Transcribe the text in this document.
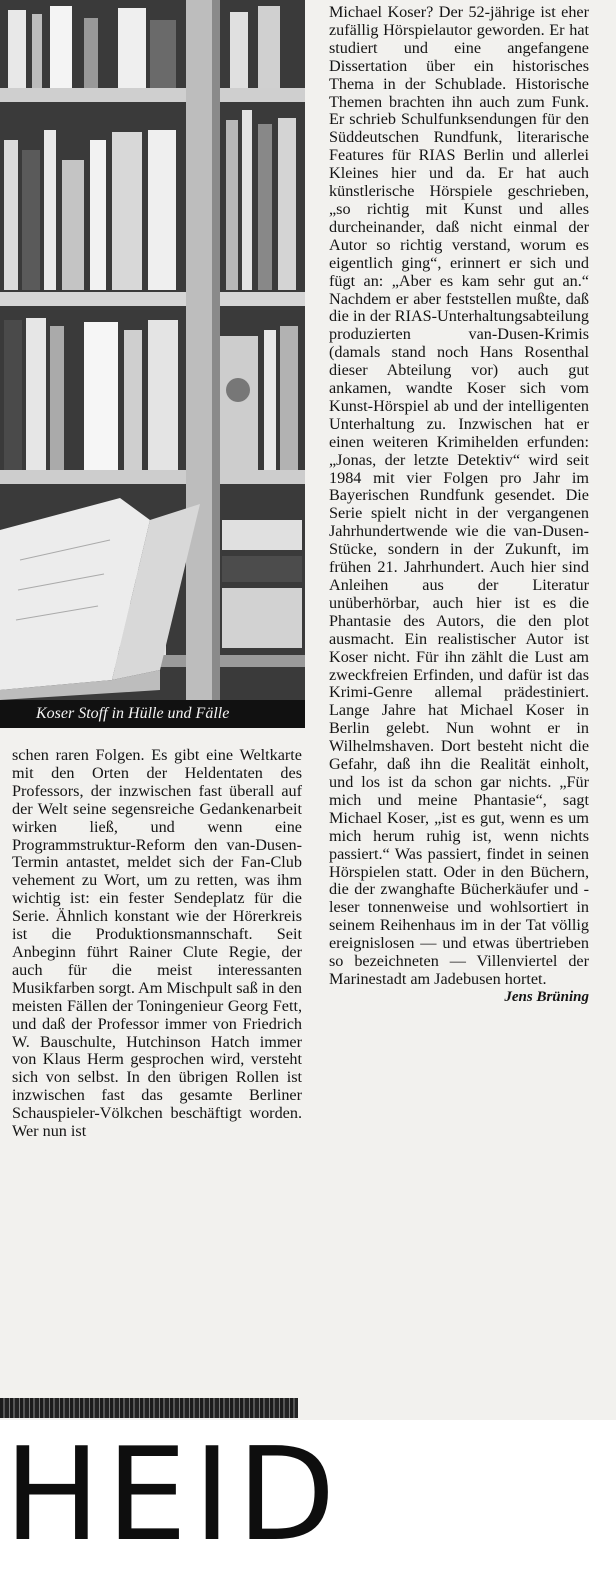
Koser Stoff in Hülle und Fälle

schen raren Folgen. Es gibt eine Weltkarte mit den Orten der Heldentaten des Professors, der inzwischen fast überall auf der Welt seine segensreiche Gedankenarbeit wirken ließ, und wenn eine Programmstruktur-Reform den van-Dusen-Termin antastet, meldet sich der Fan-Club vehement zu Wort, um zu retten, was ihm wichtig ist: ein fester Sendeplatz für die Serie. Ähnlich konstant wie der Hörerkreis ist die Produktionsmannschaft. Seit Anbeginn führt Rainer Clute Regie, der auch für die meist interessanten Musikfarben sorgt. Am Mischpult saß in den meisten Fällen der Toningenieur Georg Fett, und daß der Professor immer von Friedrich W. Bauschulte, Hutchinson Hatch immer von Klaus Herm gesprochen wird, versteht sich von selbst. In den übrigen Rollen ist inzwischen fast das gesamte Berliner Schauspieler-Völkchen beschäftigt worden. Wer nun ist

Michael Koser? Der 52-jährige ist eher zufällig Hörspielautor geworden. Er hat studiert und eine angefangene Dissertation über ein historisches Thema in der Schublade. Historische Themen brachten ihn auch zum Funk. Er schrieb Schulfunksendungen für den Süddeutschen Rundfunk, literarische Features für RIAS Berlin und allerlei Kleines hier und da. Er hat auch künstlerische Hörspiele geschrieben, „so richtig mit Kunst und alles durcheinander, daß nicht einmal der Autor so richtig verstand, worum es eigentlich ging“, erinnert er sich und fügt an: „Aber es kam sehr gut an.“ Nachdem er aber feststellen mußte, daß die in der RIAS-Unterhaltungsabteilung produzierten van-Dusen-Krimis (damals stand noch Hans Rosenthal dieser Abteilung vor) auch gut ankamen, wandte Koser sich vom Kunst-Hörspiel ab und der intelligenten Unterhaltung zu. Inzwischen hat er einen weiteren Krimihelden erfunden: „Jonas, der letzte Detektiv“ wird seit 1984 mit vier Folgen pro Jahr im Bayerischen Rundfunk gesendet. Die Serie spielt nicht in der vergangenen Jahrhundertwende wie die van-Dusen-Stücke, sondern in der Zukunft, im frühen 21. Jahrhundert. Auch hier sind Anleihen aus der Literatur unüberhörbar, auch hier ist es die Phantasie des Autors, die den plot ausmacht. Ein realistischer Autor ist Koser nicht. Für ihn zählt die Lust am zweckfreien Erfinden, und dafür ist das Krimi-Genre allemal prädestiniert. Lange Jahre hat Michael Koser in Berlin gelebt. Nun wohnt er in Wilhelmshaven. Dort besteht nicht die Gefahr, daß ihn die Realität einholt, und los ist da schon gar nichts. „Für mich und meine Phantasie“, sagt Michael Koser, „ist es gut, wenn es um mich herum ruhig ist, wenn nichts passiert.“ Was passiert, findet in seinen Hörspielen statt. Oder in den Büchern, die der zwanghafte Bücherkäufer und -leser tonnenweise und wohlsortiert in seinem Reihenhaus im in der Tat völlig ereignislosen — und etwas übertrieben so bezeichneten — Villenviertel der Marinestadt am Jadebusen hortet.
Jens Brüning

HEID
